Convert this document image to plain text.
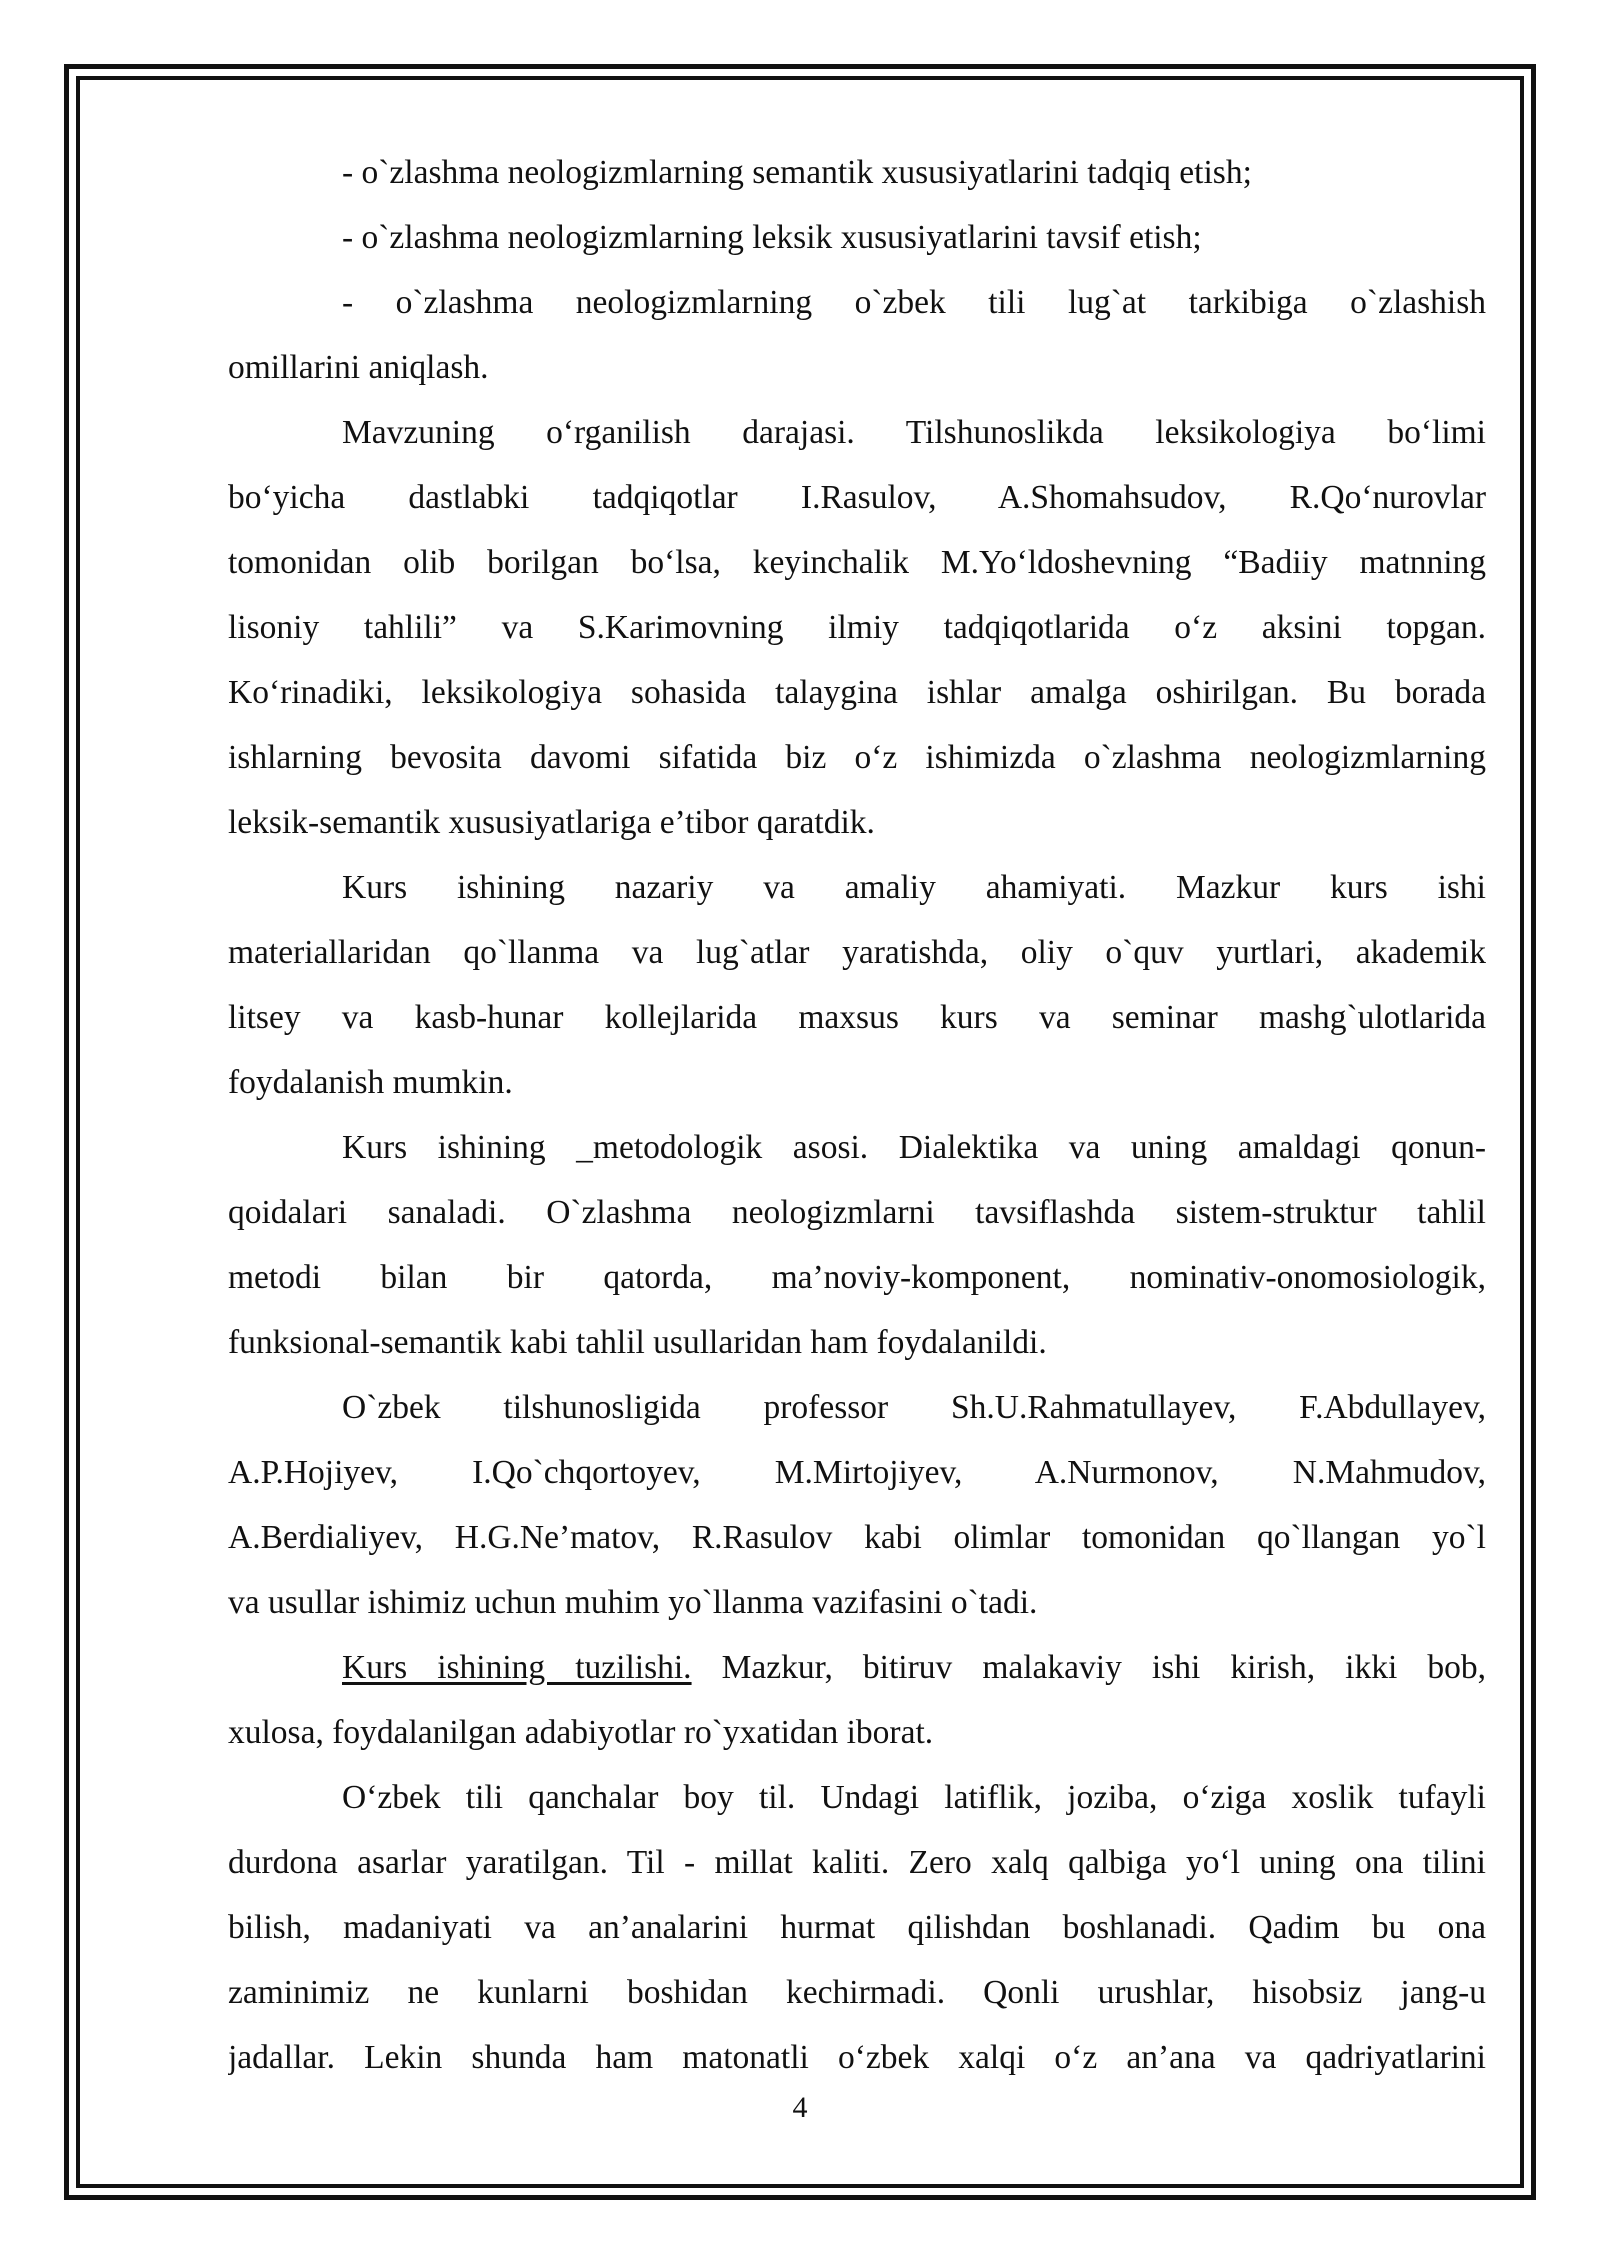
- o`zlashma neologizmlarning semantik xususiyatlarini tadqiq etish;
- o`zlashma neologizmlarning leksik xususiyatlarini tavsif etish;
- o`zlashma neologizmlarning o`zbek tili lug`at tarkibiga o`zlashish
omillarini aniqlash.
Mavzuning o‘rganilish darajasi. Tilshunoslikda leksikologiya bo‘limi
bo‘yicha dastlabki tadqiqotlar I.Rasulov, A.Shomahsudov, R.Qo‘nurovlar
tomonidan olib borilgan bo‘lsa, keyinchalik M.Yo‘ldoshevning “Badiiy matnning
lisoniy tahlili” va S.Karimovning ilmiy tadqiqotlarida o‘z aksini topgan.
Ko‘rinadiki, leksikologiya sohasida talaygina ishlar amalga oshirilgan. Bu borada
ishlarning bevosita davomi sifatida biz o‘z ishimizda o`zlashma neologizmlarning
leksik-semantik xususiyatlariga e’tibor qaratdik.
Kurs ishining nazariy va amaliy ahamiyati. Mazkur kurs ishi
materiallaridan qo`llanma va lug`atlar yaratishda, oliy o`quv yurtlari, akademik
litsey va kasb-hunar kollejlarida maxsus kurs va seminar mashg`ulotlarida
foydalanish mumkin.
Kurs ishining _metodologik asosi. Dialektika va uning amaldagi qonun-
qoidalari sanaladi. O`zlashma neologizmlarni tavsiflashda sistem-struktur tahlil
metodi bilan bir qatorda, ma’noviy-komponent, nominativ-onomosiologik,
funksional-semantik kabi tahlil usullaridan ham foydalanildi.
O`zbek tilshunosligida professor Sh.U.Rahmatullayev, F.Abdullayev,
A.P.Hojiyev, I.Qo`chqortoyev, M.Mirtojiyev, A.Nurmonov, N.Mahmudov,
A.Berdialiyev, H.G.Ne’matov, R.Rasulov kabi olimlar tomonidan qo`llangan yo`l
va usullar ishimiz uchun muhim yo`llanma vazifasini o`tadi.
Kurs ishining tuzilishi. Mazkur, bitiruv malakaviy ishi kirish, ikki bob,
xulosa, foydalanilgan adabiyotlar ro`yxatidan iborat.
O‘zbek tili qanchalar boy til. Undagi latiflik, joziba, o‘ziga xoslik tufayli
durdona asarlar yaratilgan. Til - millat kaliti. Zero xalq qalbiga yo‘l uning ona tilini
bilish, madaniyati va an’analarini hurmat qilishdan boshlanadi. Qadim bu ona
zaminimiz ne kunlarni boshidan kechirmadi. Qonli urushlar, hisobsiz jang-u
jadallar. Lekin shunda ham matonatli o‘zbek xalqi o‘z an’ana va qadriyatlarini
4
